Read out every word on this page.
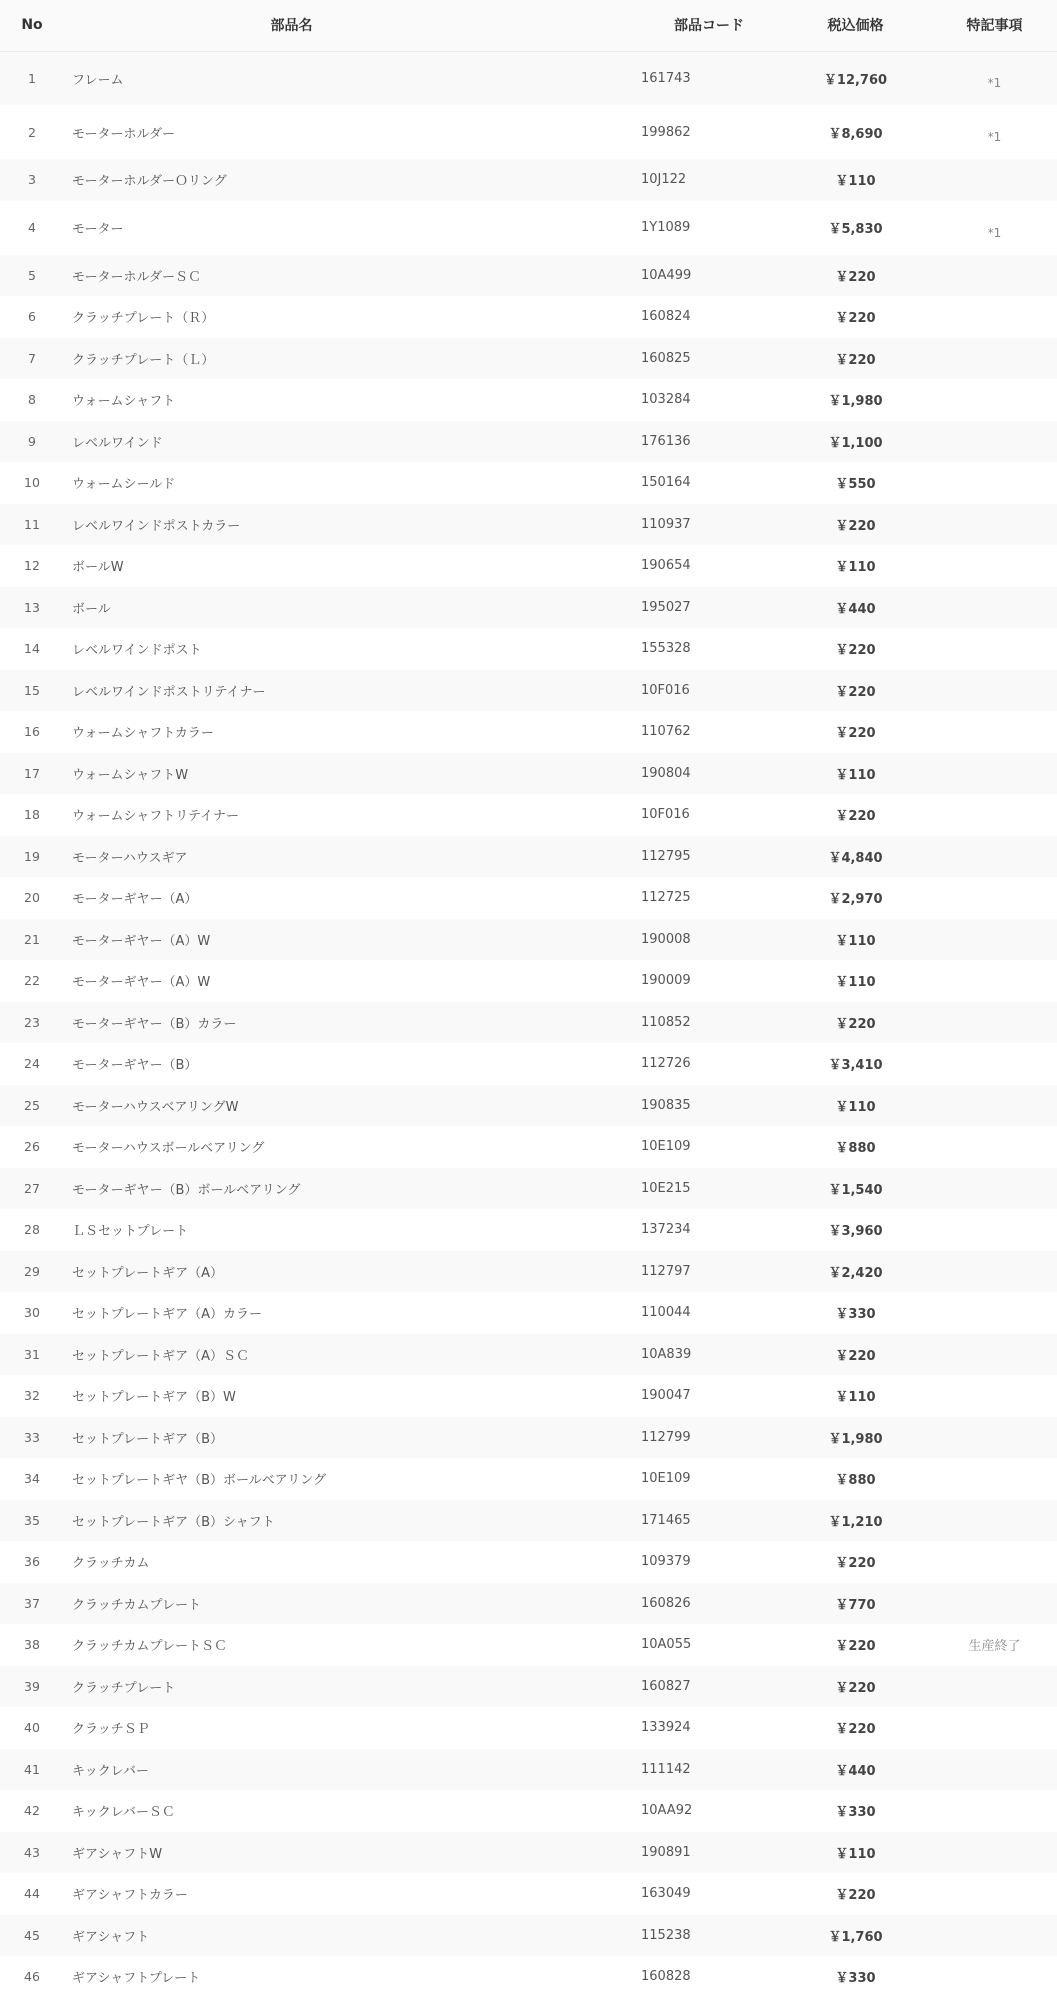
No	部品名	部品コード	税込価格	特記事項
1	フレーム	161743	￥12,760	*1
2	モーターホルダー	199862	￥8,690	*1
3	モーターホルダーＯリング	10J122	￥110	
4	モーター	1Y1089	￥5,830	*1
5	モーターホルダーＳＣ	10A499	￥220	
6	クラッチプレート（Ｒ）	160824	￥220	
7	クラッチプレート（Ｌ）	160825	￥220	
8	ウォームシャフト	103284	￥1,980	
9	レベルワインド	176136	￥1,100	
10	ウォームシールド	150164	￥550	
11	レベルワインドポストカラー	110937	￥220	
12	ボールW	190654	￥110	
13	ボール	195027	￥440	
14	レベルワインドポスト	155328	￥220	
15	レベルワインドポストリテイナー	10F016	￥220	
16	ウォームシャフトカラー	110762	￥220	
17	ウォームシャフトW	190804	￥110	
18	ウォームシャフトリテイナー	10F016	￥220	
19	モーターハウスギア	112795	￥4,840	
20	モーターギヤー（A）	112725	￥2,970	
21	モーターギヤー（A）W	190008	￥110	
22	モーターギヤー（A）W	190009	￥110	
23	モーターギヤー（B）カラー	110852	￥220	
24	モーターギヤー（B）	112726	￥3,410	
25	モーターハウスベアリングW	190835	￥110	
26	モーターハウスボールベアリング	10E109	￥880	
27	モーターギヤー（B）ボールベアリング	10E215	￥1,540	
28	ＬＳセットプレート	137234	￥3,960	
29	セットプレートギア（A）	112797	￥2,420	
30	セットプレートギア（A）カラー	110044	￥330	
31	セットプレートギア（A）ＳＣ	10A839	￥220	
32	セットプレートギア（B）W	190047	￥110	
33	セットプレートギア（B）	112799	￥1,980	
34	セットプレートギヤ（B）ボールベアリング	10E109	￥880	
35	セットプレートギア（B）シャフト	171465	￥1,210	
36	クラッチカム	109379	￥220	
37	クラッチカムプレート	160826	￥770	
38	クラッチカムプレートＳＣ	10A055	￥220	生産終了
39	クラッチプレート	160827	￥220	
40	クラッチＳＰ	133924	￥220	
41	キックレバー	111142	￥440	
42	キックレバーＳＣ	10AA92	￥330	
43	ギアシャフトW	190891	￥110	
44	ギアシャフトカラー	163049	￥220	
45	ギアシャフト	115238	￥1,760	
46	ギアシャフトプレート	160828	￥330	
